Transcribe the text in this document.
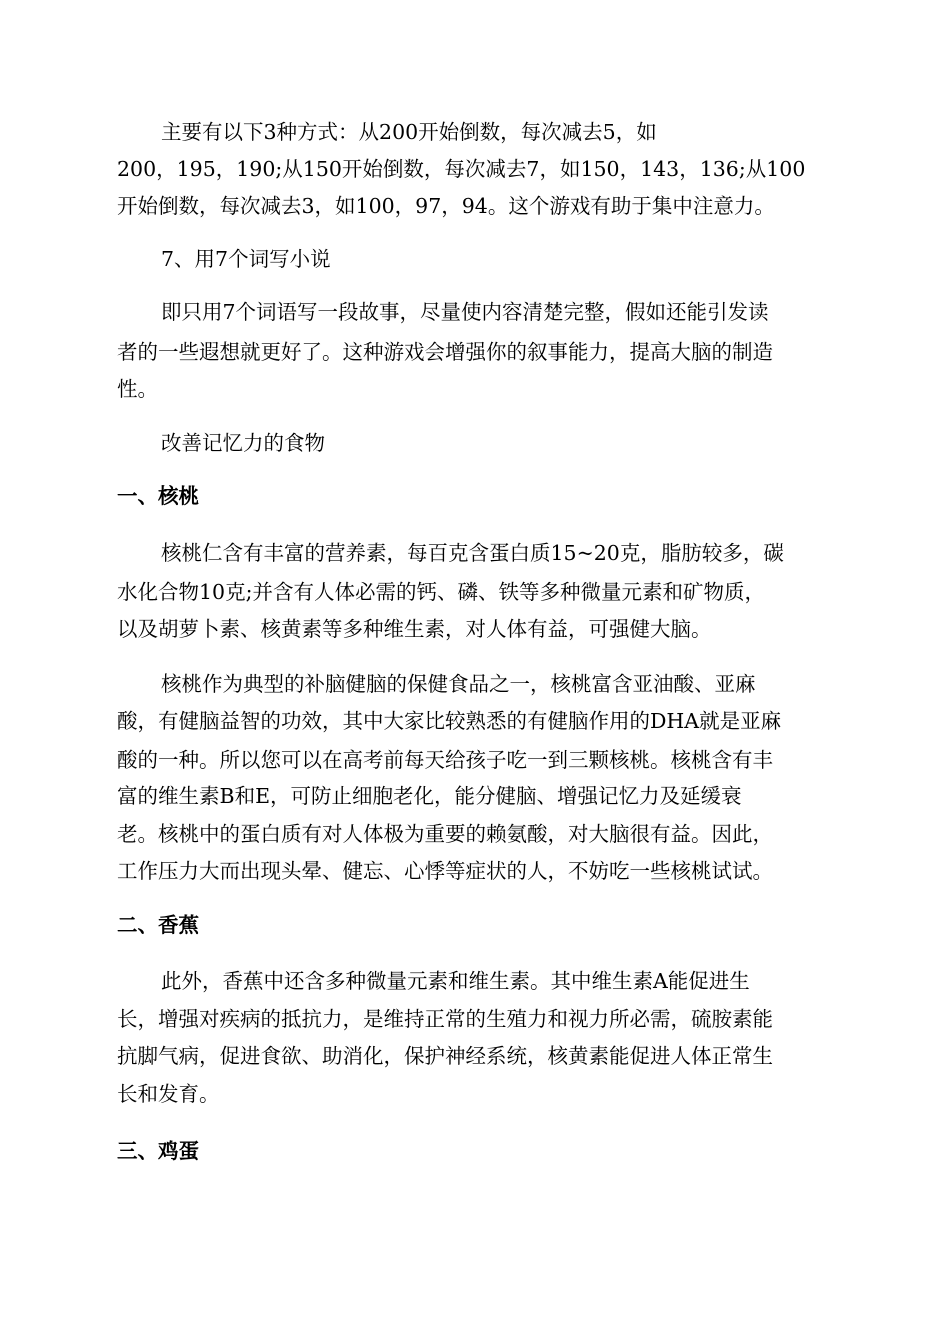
主要有以下3种方式：从200开始倒数，每次减去5，如

200，195，190;从150开始倒数，每次减去7，如150，143，136;从100

开始倒数，每次减去3，如100，97，94。这个游戏有助于集中注意力。

7、用7个词写小说

即只用7个词语写一段故事，尽量使内容清楚完整，假如还能引发读

者的一些遐想就更好了。这种游戏会增强你的叙事能力，提高大脑的制造

性。

改善记忆力的食物

一、核桃

核桃仁含有丰富的营养素，每百克含蛋白质15~20克，脂肪较多，碳

水化合物10克;并含有人体必需的钙、磷、铁等多种微量元素和矿物质，

以及胡萝卜素、核黄素等多种维生素，对人体有益，可强健大脑。

核桃作为典型的补脑健脑的保健食品之一，核桃富含亚油酸、亚麻

酸，有健脑益智的功效，其中大家比较熟悉的有健脑作用的DHA就是亚麻

酸的一种。所以您可以在高考前每天给孩子吃一到三颗核桃。核桃含有丰

富的维生素B和E，可防止细胞老化，能分健脑、增强记忆力及延缓衰

老。核桃中的蛋白质有对人体极为重要的赖氨酸，对大脑很有益。因此，

工作压力大而出现头晕、健忘、心悸等症状的人，不妨吃一些核桃试试。

二、香蕉

此外，香蕉中还含多种微量元素和维生素。其中维生素A能促进生

长，增强对疾病的抵抗力，是维持正常的生殖力和视力所必需，硫胺素能

抗脚气病，促进食欲、助消化，保护神经系统，核黄素能促进人体正常生

长和发育。

三、鸡蛋
